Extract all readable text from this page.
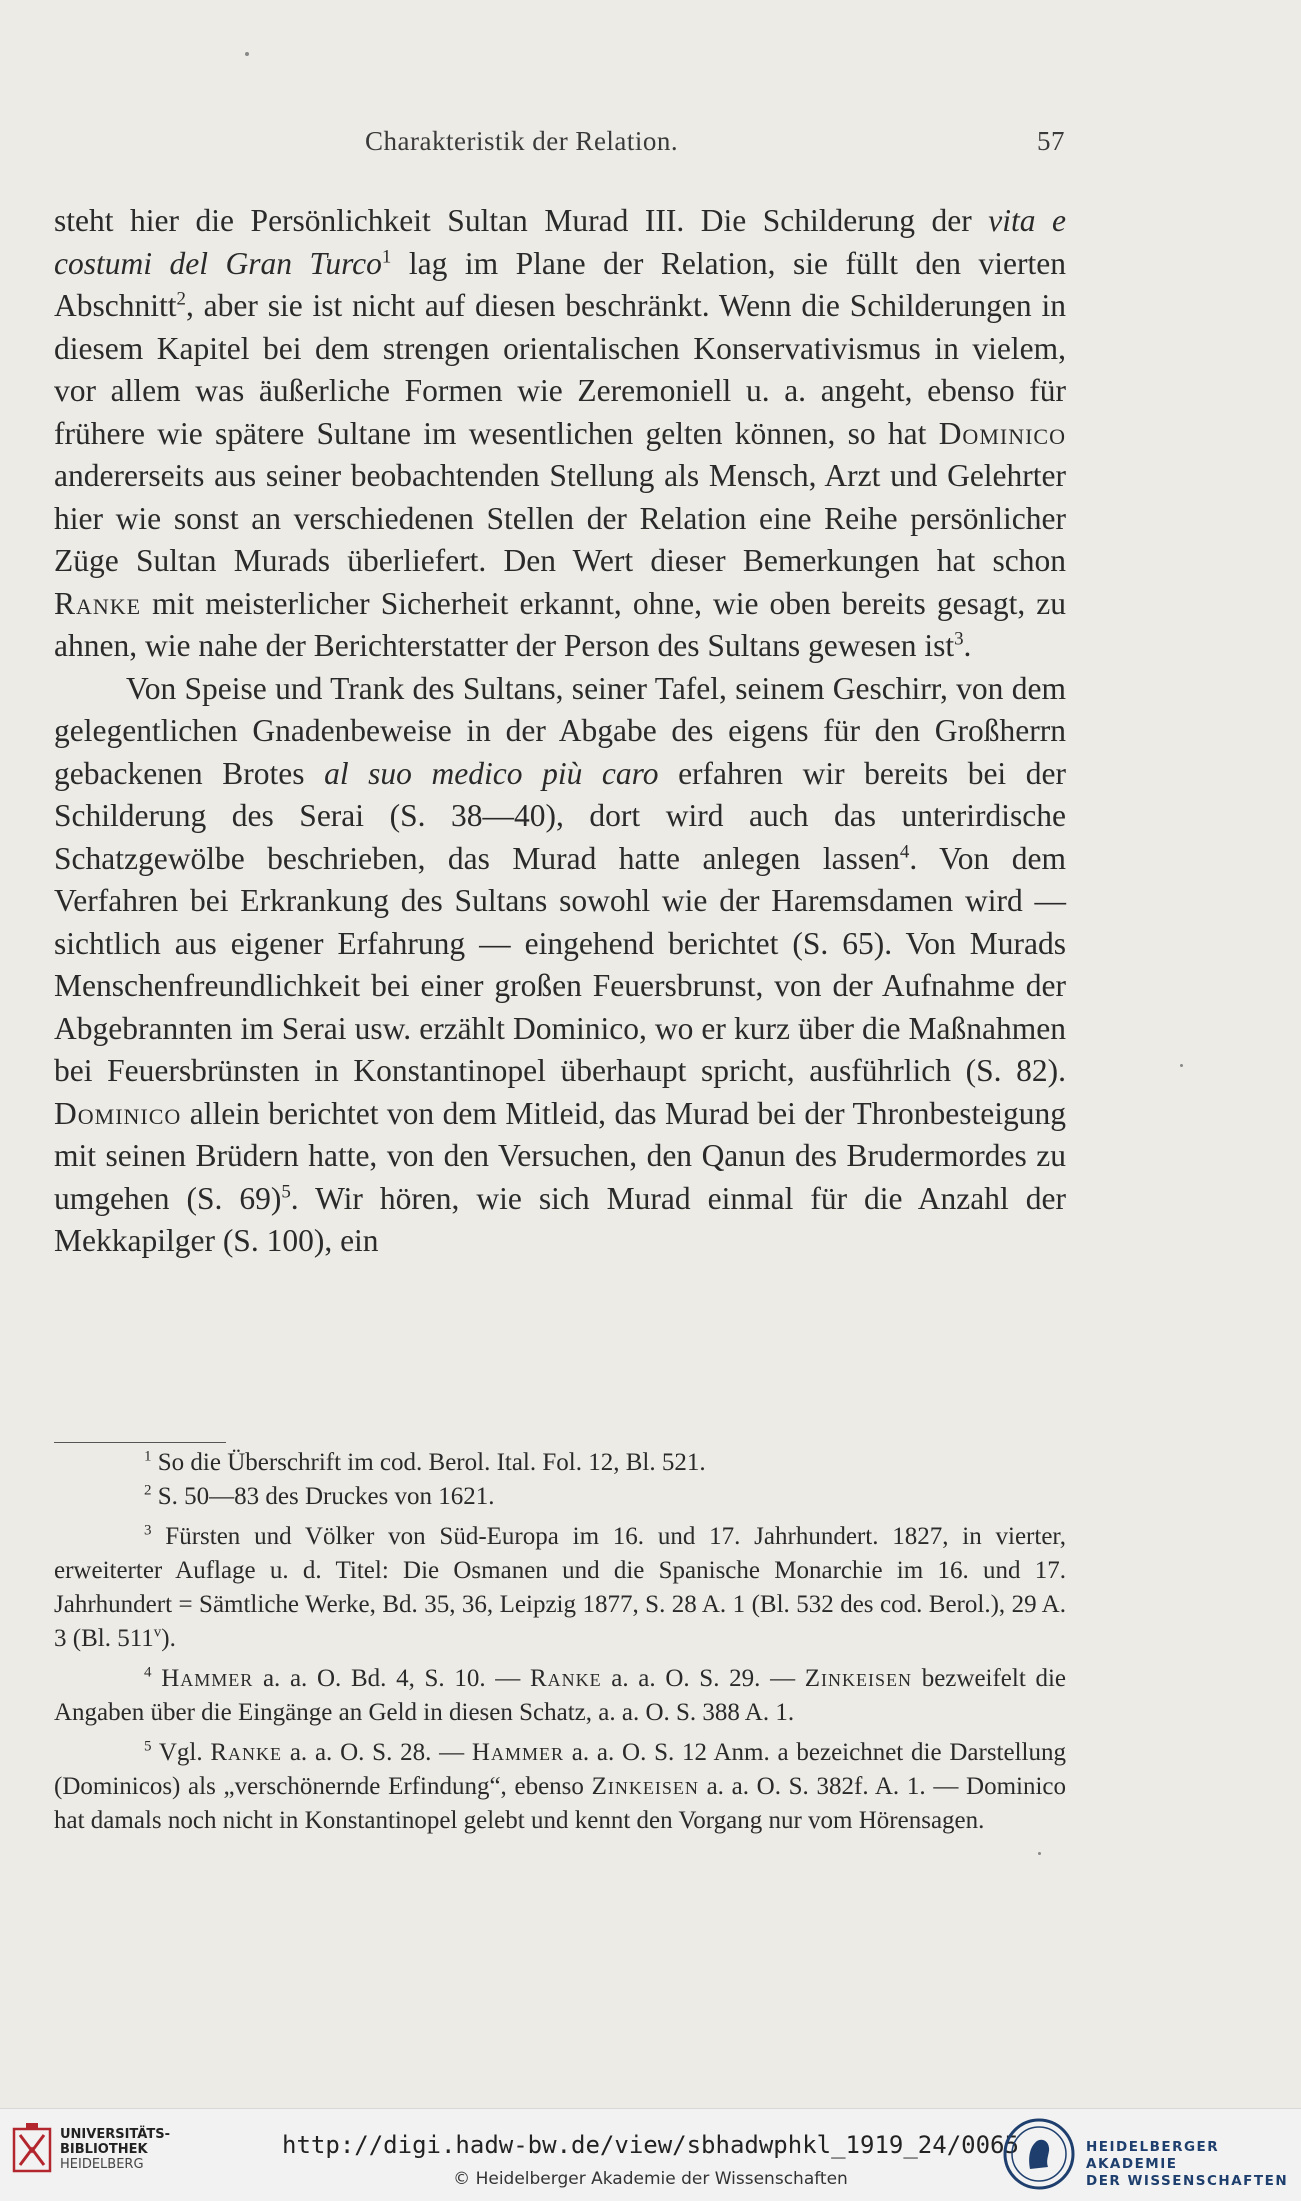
Charakteristik der Relation.	57

steht hier die Persönlichkeit Sultan Murad III. Die Schilderung der vita e costumi del Gran Turco$^1$ lag im Plane der Relation, sie füllt den vierten Abschnitt$^2$, aber sie ist nicht auf diesen beschränkt. Wenn die Schilderungen in diesem Kapitel bei dem strengen orientalischen Konservativismus in vielem, vor allem was äußerliche Formen wie Zeremoniell u. a. angeht, ebenso für frühere wie spätere Sultane im wesentlichen gelten können, so hat Dominico andererseits aus seiner beobachtenden Stellung als Mensch, Arzt und Gelehrter hier wie sonst an verschiedenen Stellen der Relation eine Reihe persönlicher Züge Sultan Murads überliefert. Den Wert dieser Bemerkungen hat schon Ranke mit meisterlicher Sicherheit erkannt, ohne, wie oben bereits gesagt, zu ahnen, wie nahe der Berichterstatter der Person des Sultans gewesen ist$^3$.

Von Speise und Trank des Sultans, seiner Tafel, seinem Geschirr, von dem gelegentlichen Gnadenbeweise in der Abgabe des eigens für den Großherrn gebackenen Brotes al suo medico più caro erfahren wir bereits bei der Schilderung des Serai (S. 38—40), dort wird auch das unterirdische Schatzgewölbe beschrieben, das Murad hatte anlegen lassen$^4$. Von dem Verfahren bei Erkrankung des Sultans sowohl wie der Haremsdamen wird — sichtlich aus eigener Erfahrung — eingehend berichtet (S. 65). Von Murads Menschenfreundlichkeit bei einer großen Feuersbrunst, von der Aufnahme der Abgebrannten im Serai usw. erzählt Dominico, wo er kurz über die Maßnahmen bei Feuersbrünsten in Konstantinopel überhaupt spricht, ausführlich (S. 82). Dominico allein berichtet von dem Mitleid, das Murad bei der Thronbesteigung mit seinen Brüdern hatte, von den Versuchen, den Qanun des Brudermordes zu umgehen (S. 69)$^5$. Wir hören, wie sich Murad einmal für die Anzahl der Mekkapilger (S. 100), ein

$^1$ So die Überschrift im cod. Berol. Ital. Fol. 12, Bl. 521.

$^2$ S. 50—83 des Druckes von 1621.

$^3$ Fürsten und Völker von Süd-Europa im 16. und 17. Jahrhundert. 1827, in vierter, erweiterter Auflage u. d. Titel: Die Osmanen und die Spanische Monarchie im 16. und 17. Jahrhundert = Sämtliche Werke, Bd. 35, 36, Leipzig 1877, S. 28 A. 1 (Bl. 532 des cod. Berol.), 29 A. 3 (Bl. 511$^v$).

$^4$ Hammer a. a. O. Bd. 4, S. 10. — Ranke a. a. O. S. 29. — Zinkeisen bezweifelt die Angaben über die Eingänge an Geld in diesen Schatz, a. a. O. S. 388 A. 1.

$^5$ Vgl. Ranke a. a. O. S. 28. — Hammer a. a. O. S. 12 Anm. a bezeichnet die Darstellung (Dominicos) als „verschönernde Erfindung“, ebenso Zinkeisen a. a. O. S. 382f. A. 1. — Dominico hat damals noch nicht in Konstantinopel gelebt und kennt den Vorgang nur vom Hörensagen.

UNIVERSITÄTS-
BIBLIOTHEK
HEIDELBERG
http://digi.hadw-bw.de/view/sbhadwphkl_1919_24/0065
© Heidelberger Akademie der Wissenschaften
HEIDELBERGER AKADEMIE
DER WISSENSCHAFTEN
